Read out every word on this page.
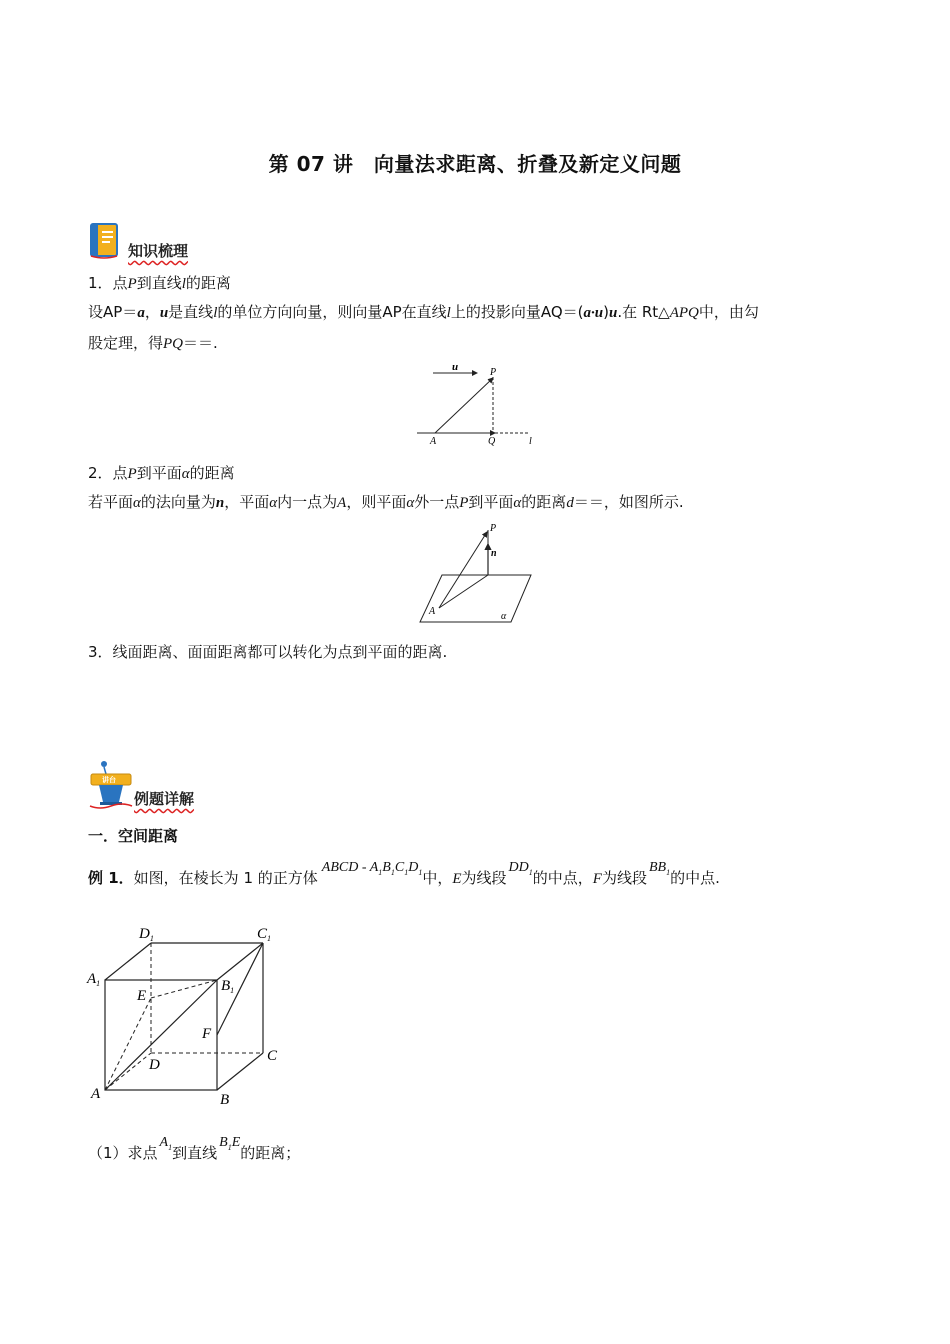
第 07 讲　向量法求距离、折叠及新定义问题
知识梳理
1．点P到直线l的距离
设AP＝a，u是直线l的单位方向向量，则向量AP在直线l上的投影向量AQ＝(a·u)u.在 Rt△APQ中，由勾
股定理，得PQ＝＝.
u	P
A	Q	l
2．点P到平面α的距离
若平面α的法向量为n，平面α内一点为A，则平面α外一点P到平面α的距离d＝＝，如图所示.
P
n
A	α
3．线面距离、面面距离都可以转化为点到平面的距离.
讲台
例题详解
一．空间距离
例 1．如图，在棱长为 1 的正方体ABCD - $A_1B_1C_1D_1$中，E为线段$DD_1$的中点，F为线段$BB_1$的中点.
$D_1$	$C_1$
$A_1$	$B_1$
E
F
D
C
A	B
（1）求点$A_1$到直线$B_1E$的距离；
